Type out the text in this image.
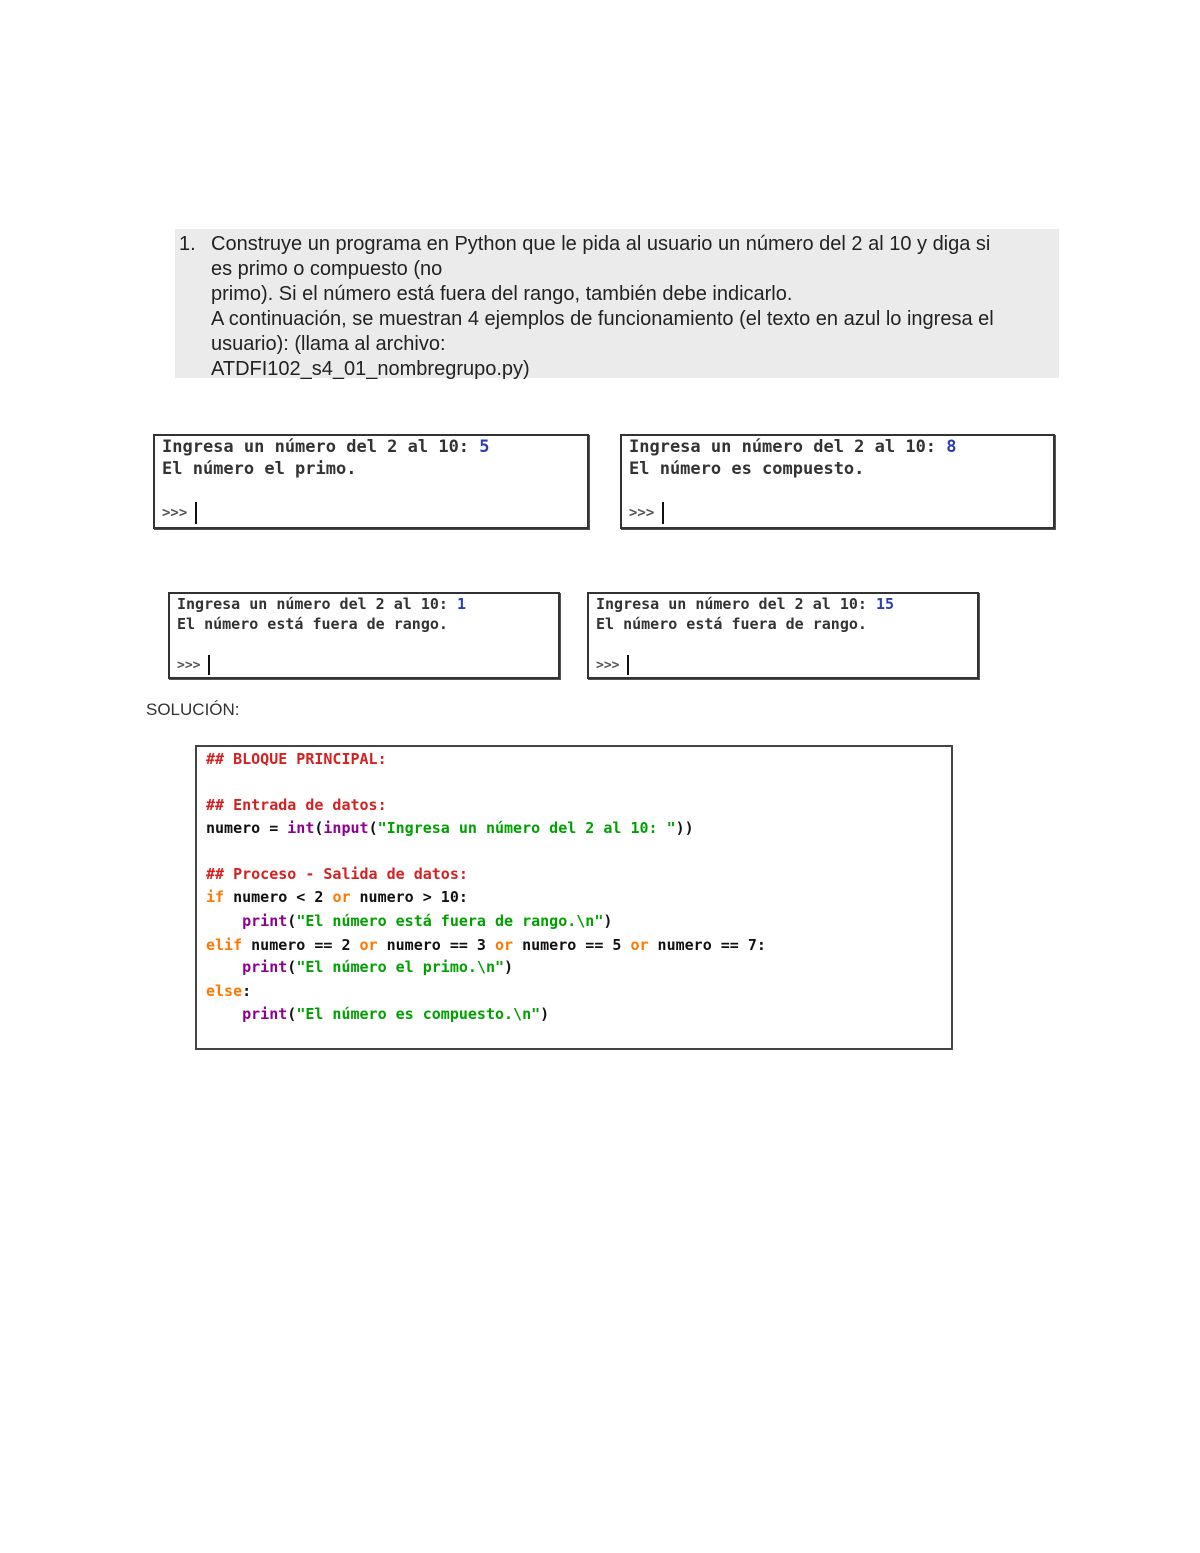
1. Construye un programa en Python que le pida al usuario un número del 2 al 10 y diga si
es primo o compuesto (no
primo). Si el número está fuera del rango, también debe indicarlo.
A continuación, se muestran 4 ejemplos de funcionamiento (el texto en azul lo ingresa el
usuario): (llama al archivo:
ATDFI102_s4_01_nombregrupo.py)
Ingresa un número del 2 al 10: 5
El número el primo.
>>>
Ingresa un número del 2 al 10: 8
El número es compuesto.
>>>
Ingresa un número del 2 al 10: 1
El número está fuera de rango.
>>>
Ingresa un número del 2 al 10: 15
El número está fuera de rango.
>>>
SOLUCIÓN:
## BLOQUE PRINCIPAL:
## Entrada de datos:
numero = int(input("Ingresa un número del 2 al 10: "))
## Proceso - Salida de datos:
if numero < 2 or numero > 10:
print("El número está fuera de rango.\n")
elif numero == 2 or numero == 3 or numero == 5 or numero == 7:
print("El número el primo.\n")
else:
print("El número es compuesto.\n")
